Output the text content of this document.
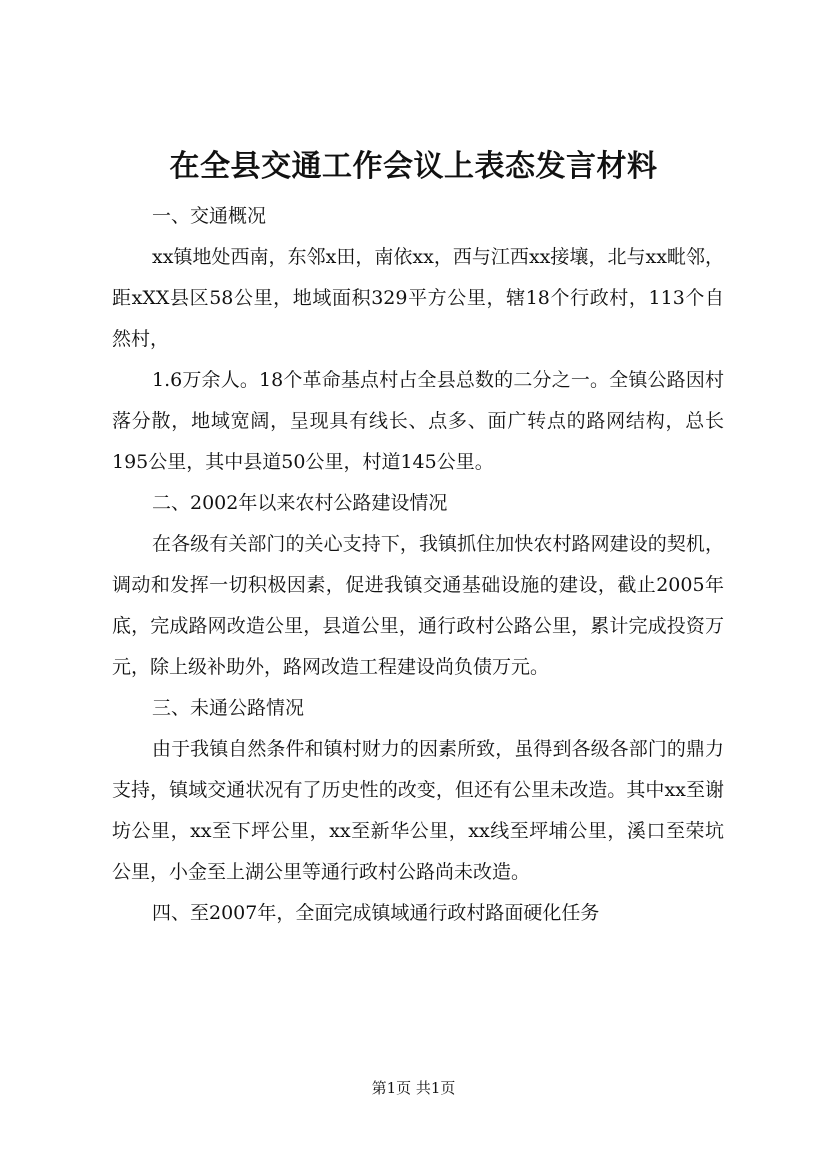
在全县交通工作会议上表态发言材料

一、交通概况

xx镇地处西南，东邻x田，南依xx，西与江西xx接壤，北与xx毗邻，距xXX县区58公里，地域面积329平方公里，辖18个行政村，113个自然村，

1.6万余人。18个革命基点村占全县总数的二分之一。全镇公路因村落分散，地域宽阔，呈现具有线长、点多、面广转点的路网结构，总长195公里，其中县道50公里，村道145公里。

二、2002年以来农村公路建设情况

在各级有关部门的关心支持下，我镇抓住加快农村路网建设的契机，调动和发挥一切积极因素，促进我镇交通基础设施的建设，截止2005年底，完成路网改造公里，县道公里，通行政村公路公里，累计完成投资万元，除上级补助外，路网改造工程建设尚负债万元。

三、未通公路情况

由于我镇自然条件和镇村财力的因素所致，虽得到各级各部门的鼎力支持，镇域交通状况有了历史性的改变，但还有公里未改造。其中xx至谢坊公里，xx至下坪公里，xx至新华公里，xx线至坪埔公里，溪口至荣坑公里，小金至上湖公里等通行政村公路尚未改造。

四、至2007年，全面完成镇域通行政村路面硬化任务

第1页 共1页
